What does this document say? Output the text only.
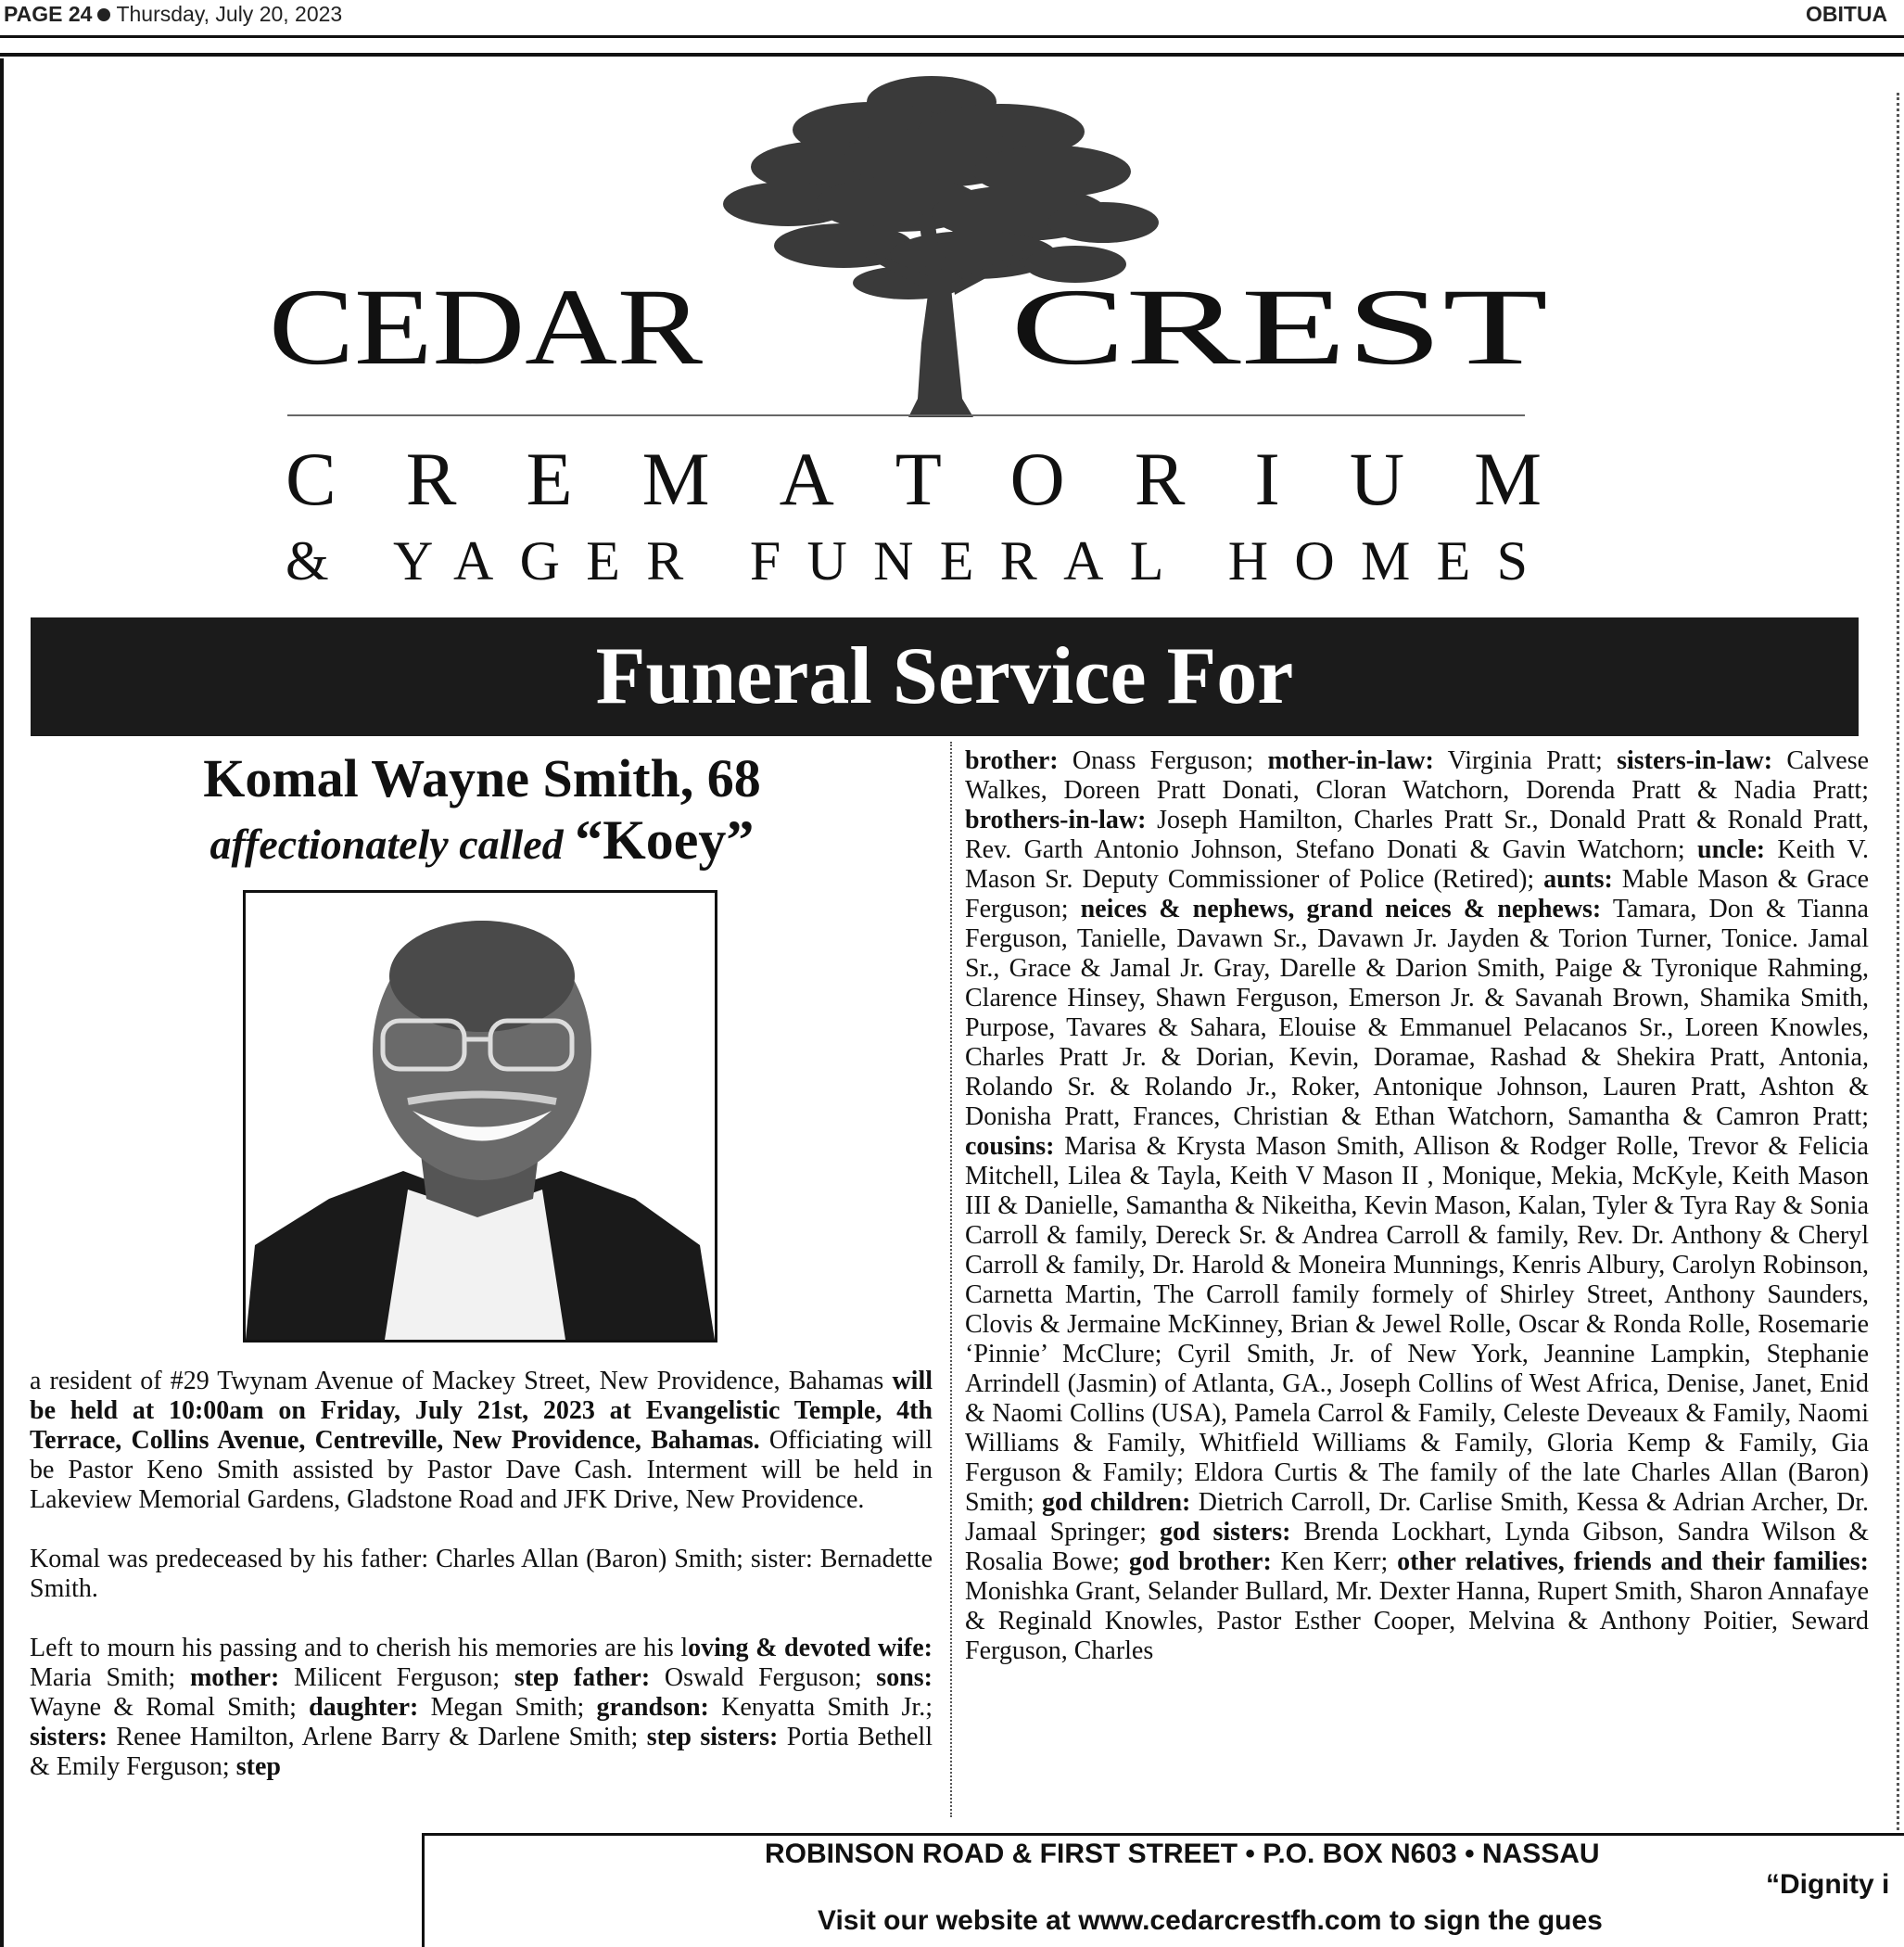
PAGE 24 Thursday, July 20, 2023	OBITUA
CEDAR	CREST
CREMATORIUM
& YAGER FUNERAL HOMES
Funeral Service For
Komal Wayne Smith, 68
affectionately called “Koey”

a resident of #29 Twynam Avenue of Mackey Street, New Providence, Bahamas will be held at 10:00am on Friday, July 21st, 2023 at Evangelistic Temple, 4th Terrace, Collins Avenue, Centreville, New Providence, Bahamas. Officiating will be Pastor Keno Smith assisted by Pastor Dave Cash. Interment will be held in Lakeview Memorial Gardens, Gladstone Road and JFK Drive, New Providence.

Komal was predeceased by his father: Charles Allan (Baron) Smith; sister: Bernadette Smith.

Left to mourn his passing and to cherish his memories are his loving & devoted wife: Maria Smith; mother: Milicent Ferguson; step father: Oswald Ferguson; sons: Wayne & Romal Smith; daughter: Megan Smith; grandson: Kenyatta Smith Jr.; sisters: Renee Hamilton, Arlene Barry & Darlene Smith; step sisters: Portia Bethell & Emily Ferguson; step

brother: Onass Ferguson; mother-in-law: Virginia Pratt; sisters-in-law: Calvese Walkes, Doreen Pratt Donati, Cloran Watchorn, Dorenda Pratt & Nadia Pratt; brothers-in-law: Joseph Hamilton, Charles Pratt Sr., Donald Pratt & Ronald Pratt, Rev. Garth Antonio Johnson, Stefano Donati & Gavin Watchorn; uncle: Keith V. Mason Sr. Deputy Commissioner of Police (Retired); aunts: Mable Mason & Grace Ferguson; neices & nephews, grand neices & nephews: Tamara, Don & Tianna Ferguson, Tanielle, Davawn Sr., Davawn Jr. Jayden & Torion Turner, Tonice. Jamal Sr., Grace & Jamal Jr. Gray, Darelle & Darion Smith, Paige & Tyronique Rahming, Clarence Hinsey, Shawn Ferguson, Emerson Jr. & Savanah Brown, Shamika Smith, Purpose, Tavares & Sahara, Elouise & Emmanuel Pelacanos Sr., Loreen Knowles, Charles Pratt Jr. & Dorian, Kevin, Doramae, Rashad & Shekira Pratt, Antonia, Rolando Sr. & Rolando Jr., Roker, Antonique Johnson, Lauren Pratt, Ashton & Donisha Pratt, Frances, Christian & Ethan Watchorn, Samantha & Camron Pratt; cousins: Marisa & Krysta Mason Smith, Allison & Rodger Rolle, Trevor & Felicia Mitchell, Lilea & Tayla, Keith V Mason II , Monique, Mekia, McKyle, Keith Mason III & Danielle, Samantha & Nikeitha, Kevin Mason, Kalan, Tyler & Tyra Ray & Sonia Carroll & family, Dereck Sr. & Andrea Carroll & family, Rev. Dr. Anthony & Cheryl Carroll & family, Dr. Harold & Moneira Munnings, Kenris Albury, Carolyn Robinson, Carnetta Martin, The Carroll family formely of Shirley Street, Anthony Saunders, Clovis & Jermaine McKinney, Brian & Jewel Rolle, Oscar & Ronda Rolle, Rosemarie ‘Pinnie’ McClure; Cyril Smith, Jr. of New York, Jeannine Lampkin, Stephanie Arrindell (Jasmin) of Atlanta, GA., Joseph Collins of West Africa, Denise, Janet, Enid & Naomi Collins (USA), Pamela Carrol & Family, Celeste Deveaux & Family, Naomi Williams & Family, Whitfield Williams & Family, Gloria Kemp & Family, Gia Ferguson & Family; Eldora Curtis & The family of the late Charles Allan (Baron) Smith; god children: Dietrich Carroll, Dr. Carlise Smith, Kessa & Adrian Archer, Dr. Jamaal Springer; god sisters: Brenda Lockhart, Lynda Gibson, Sandra Wilson & Rosalia Bowe; god brother: Ken Kerr; other relatives, friends and their families: Monishka Grant, Selander Bullard, Mr. Dexter Hanna, Rupert Smith, Sharon Annafaye & Reginald Knowles, Pastor Esther Cooper, Melvina & Anthony Poitier, Seward Ferguson, Charles

ROBINSON ROAD & FIRST STREET • P.O. BOX N603 • NASSAU
“Dignity i
Visit our website at www.cedarcrestfh.com to sign the gues
